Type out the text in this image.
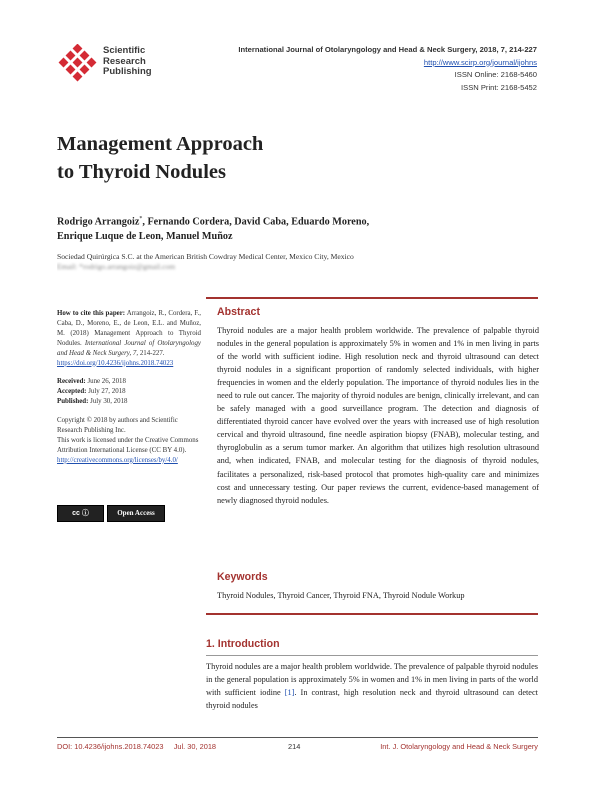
Scientific
Research
Publishing
International Journal of Otolaryngology and Head & Neck Surgery, 2018, 7, 214-227
http://www.scirp.org/journal/ijohns
ISSN Online: 2168-5460
ISSN Print: 2168-5452
Management Approach
to Thyroid Nodules
Rodrigo Arrangoiz*, Fernando Cordera, David Caba, Eduardo Moreno,
Enrique Luque de Leon, Manuel Muñoz
Sociedad Quirúrgica S.C. at the American British Cowdray Medical Center, Mexico City, Mexico
Email: *rodrigo.arrangoiz@gmail.com
How to cite this paper: Arrangoiz, R., Cordera, F., Caba, D., Moreno, E., de Leon, E.L. and Muñoz, M. (2018) Management Approach to Thyroid Nodules. International Journal of Otolaryngology and Head & Neck Surgery, 7, 214-227.
https://doi.org/10.4236/ijohns.2018.74023
Received: June 26, 2018
Accepted: July 27, 2018
Published: July 30, 2018
Copyright © 2018 by authors and Scientific Research Publishing Inc.
This work is licensed under the Creative Commons Attribution International License (CC BY 4.0).
http://creativecommons.org/licenses/by/4.0/
cc ⓘ	Open Access
Abstract
Thyroid nodules are a major health problem worldwide. The prevalence of palpable thyroid nodules in the general population is approximately 5% in women and 1% in men living in parts of the world with sufficient iodine. High resolution neck and thyroid ultrasound can detect thyroid nodules in a significant proportion of randomly selected individuals, with higher frequencies in women and the elderly population. The importance of thyroid nodules lies in the need to rule out cancer. The majority of thyroid nodules are benign, clinically irrelevant, and can be safely managed with a good surveillance program. The detection and diagnosis of differentiated thyroid cancer have evolved over the years with increased use of high resolution cervical and thyroid ultrasound, fine needle aspiration biopsy (FNAB), molecular testing, and thyroglobulin as a serum tumor marker. An algorithm that utilizes high resolution ultrasound and, when indicated, FNAB, and molecular testing for the diagnosis of thyroid nodules, facilitates a personalized, risk-based protocol that promotes high-quality care and minimizes cost and unnecessary testing. Our paper reviews the current, evidence-based management of newly diagnosed thyroid nodules.
Keywords
Thyroid Nodules, Thyroid Cancer, Thyroid FNA, Thyroid Nodule Workup
1. Introduction
Thyroid nodules are a major health problem worldwide. The prevalence of palpable thyroid nodules in the general population is approximately 5% in women and 1% in men living in parts of the world with sufficient iodine [1]. In contrast, high resolution neck and thyroid ultrasound can detect thyroid nodules
DOI: 10.4236/ijohns.2018.74023 Jul. 30, 2018	214	Int. J. Otolaryngology and Head & Neck Surgery
